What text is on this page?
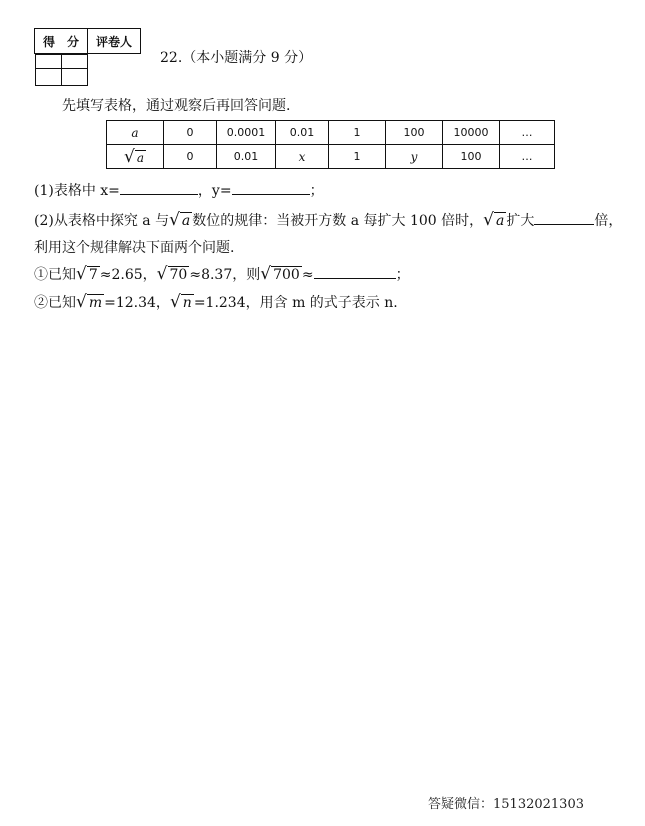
得　分	评卷人

22.（本小题满分 9 分）
先填写表格，通过观察后再回答问题.
a	0	0.0001	0.01	1	100	10000	…
√ a	0	0.01	x	1	y	100	…
(1)表格中 x=	，y=	；
(2)从表格中探究 a 与√ a 数位的规律：当被开方数 a 每扩大 100 倍时，√ a 扩大	倍，
利用这个规律解决下面两个问题.
①已知√ 7 ≈2.65，√ 70 ≈8.37，则√ 700 ≈	；
②已知√ m =12.34，√ n =1.234，用含 m 的式子表示 n.
答疑微信：15132021303
